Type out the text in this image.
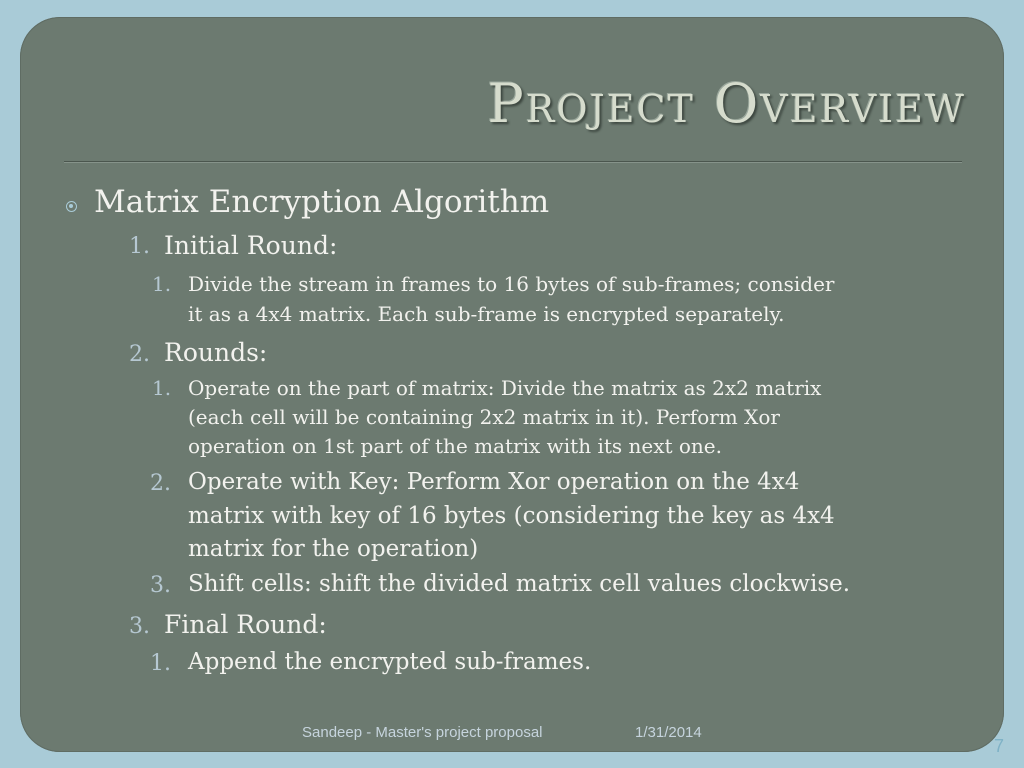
Project Overview
Matrix Encryption Algorithm
1. Initial Round:
1. Divide the stream in frames to 16 bytes of sub-frames; consider
it as a 4x4 matrix. Each sub-frame is encrypted separately.
2. Rounds:
1. Operate on the part of matrix: Divide the matrix as 2x2 matrix
(each cell will be containing 2x2 matrix in it). Perform Xor
operation on 1st part of the matrix with its next one.
2. Operate with Key: Perform Xor operation on the 4x4
matrix with key of 16 bytes (considering the key as 4x4
matrix for the operation)
3. Shift cells: shift the divided matrix cell values clockwise.
3. Final Round:
1. Append the encrypted sub-frames.
Sandeep - Master's project proposal	1/31/2014
7
